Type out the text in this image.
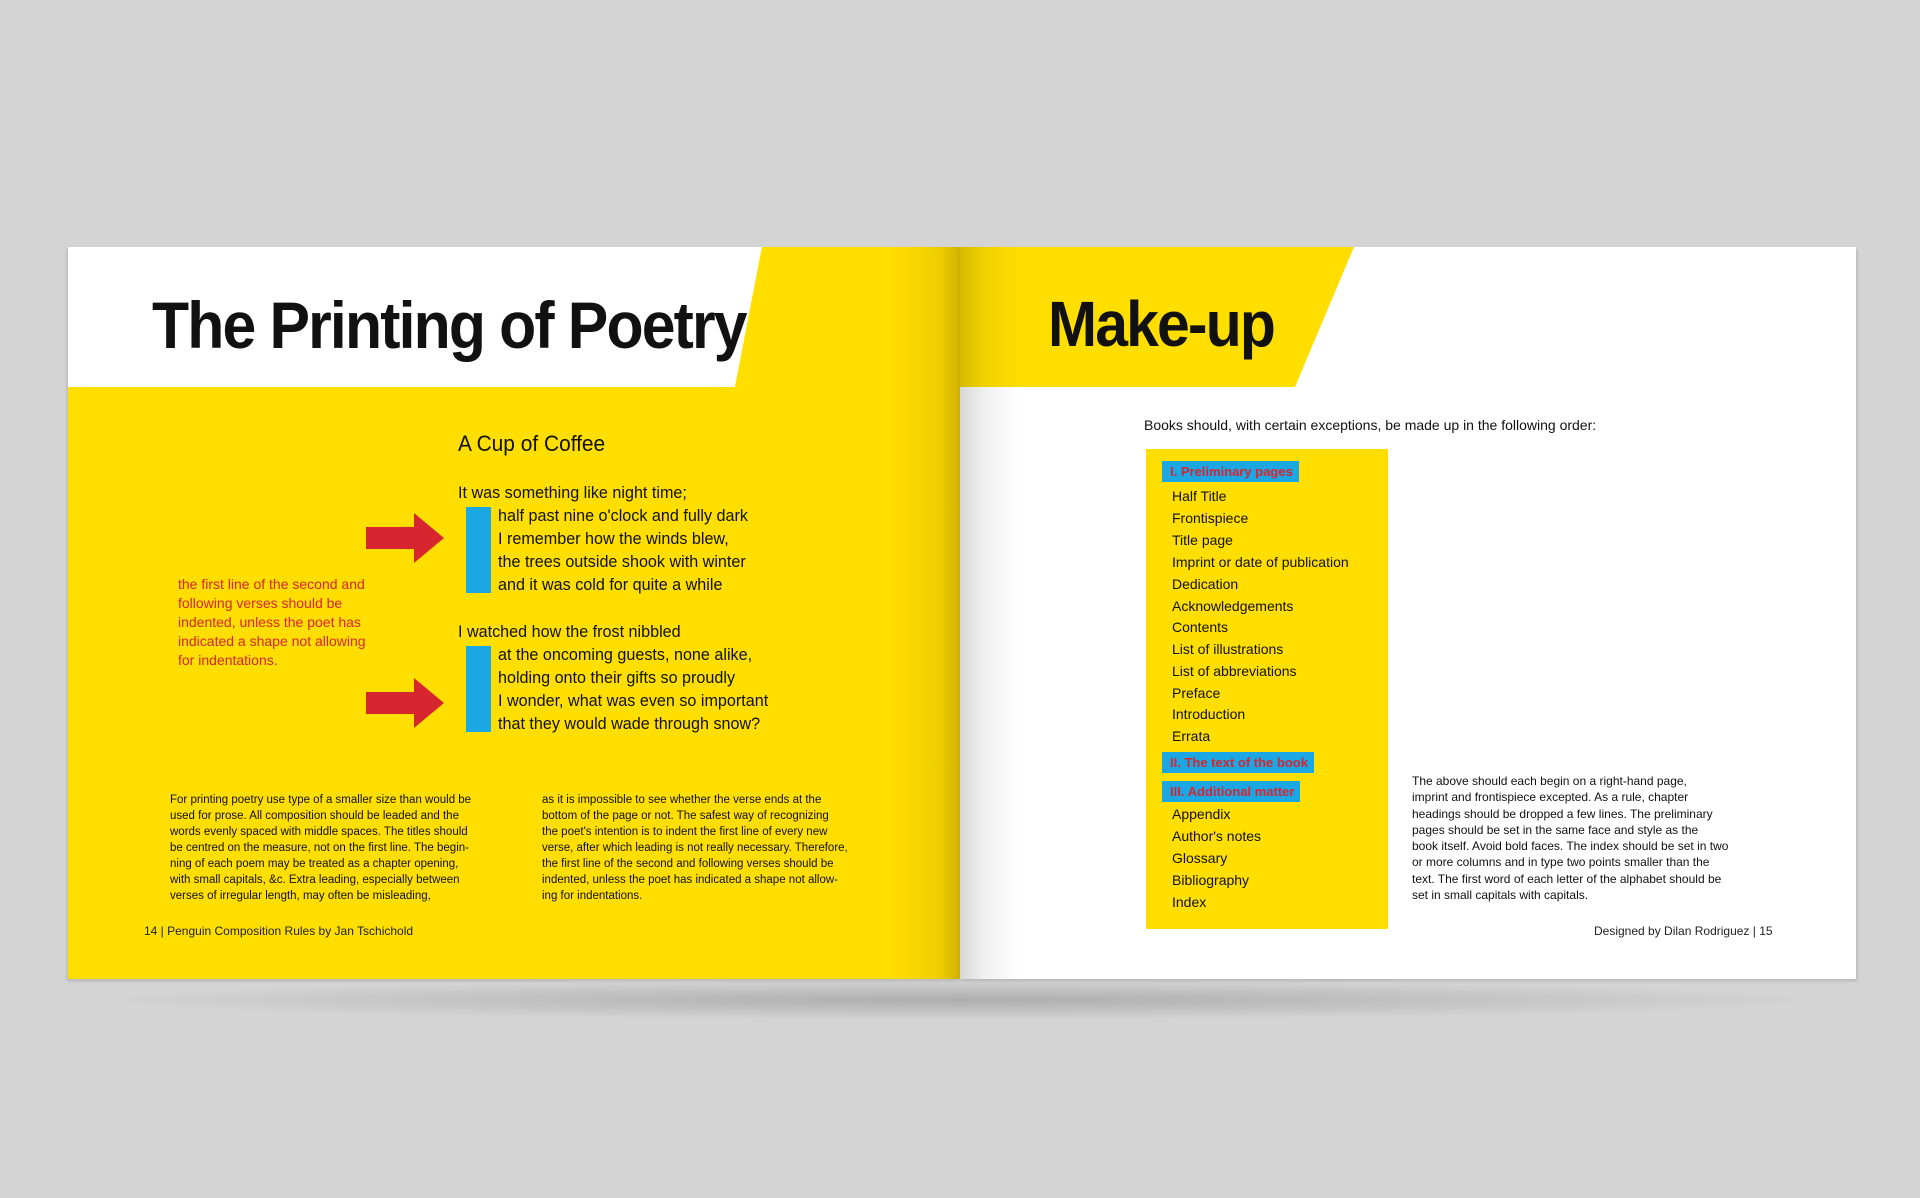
The Printing of Poetry
A Cup of Coffee
It was something like night time;
half past nine o'clock and fully dark
I remember how the winds blew,
the trees outside shook with winter
and it was cold for quite a while
I watched how the frost nibbled
at the oncoming guests, none alike,
holding onto their gifts so proudly
I wonder, what was even so important
that they would wade through snow?
the first line of the second and
following verses should be
indented, unless the poet has
indicated a shape not allowing
for indentations.
For printing poetry use type of a smaller size than would be
used for prose. All composition should be leaded and the
words evenly spaced with middle spaces. The titles should
be centred on the measure, not on the first line. The begin-
ning of each poem may be treated as a chapter opening,
with small capitals, &c. Extra leading, especially between
verses of irregular length, may often be misleading,
as it is impossible to see whether the verse ends at the
bottom of the page or not. The safest way of recognizing
the poet's intention is to indent the first line of every new
verse, after which leading is not really necessary. Therefore,
the first line of the second and following verses should be
indented, unless the poet has indicated a shape not allow-
ing for indentations.
14 | Penguin Composition Rules by Jan Tschichold
Make-up
Books should, with certain exceptions, be made up in the following order:
I. Preliminary pages
Half Title
Frontispiece
Title page
Imprint or date of publication
Dedication
Acknowledgements
Contents
List of illustrations
List of abbreviations
Preface
Introduction
Errata
II. The text of the book
III. Additional matter
Appendix
Author's notes
Glossary
Bibliography
Index
The above should each begin on a right-hand page,
imprint and frontispiece excepted. As a rule, chapter
headings should be dropped a few lines. The preliminary
pages should be set in the same face and style as the
book itself. Avoid bold faces. The index should be set in two
or more columns and in type two points smaller than the
text. The first word of each letter of the alphabet should be
set in small capitals with capitals.
Designed by Dilan Rodriguez | 15
